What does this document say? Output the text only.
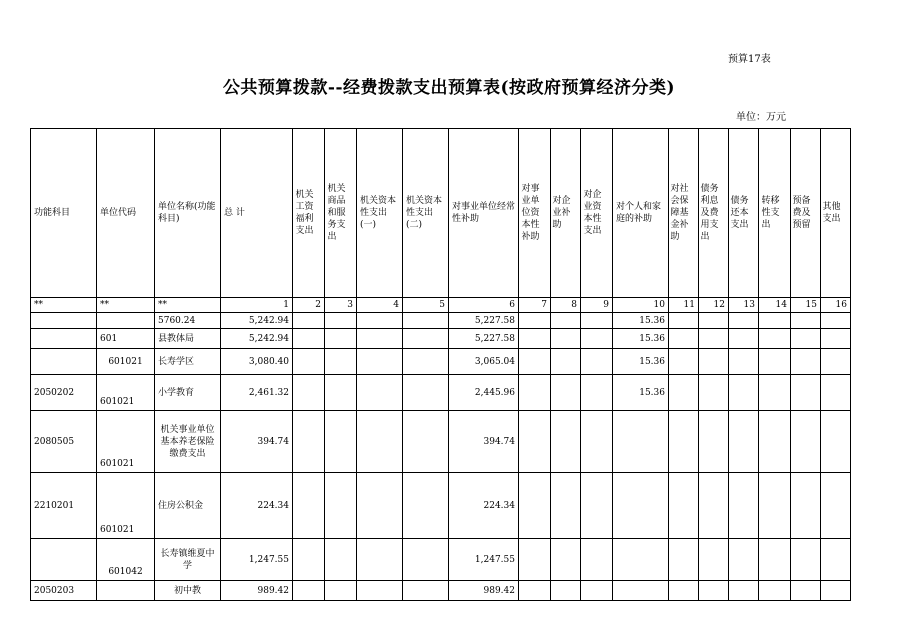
预算17表
公共预算拨款--经费拨款支出预算表(按政府预算经济分类)
单位：万元
功能科目	单位代码	单位名称(功能科目)	总 计	机关工资福利支出	机关商品和服务支出	机关资本性支出(一)	机关资本性支出(二)	对事业单位经常性补助	对事业单位资本性补助	对企业补助	对企业资本性支出	对个人和家庭的补助	对社会保障基金补助	债务利息及费用支出	债务还本支出	转移性支出	预备费及预留	其他支出
**	**	**	1	2	3	4	5	6	7	8	9	10	11	12	13	14	15	16
		5760.24	5,242.94					5,227.58				15.36						
	601	县教体局	5,242.94					5,227.58				15.36						
	601021	长寿学区	3,080.40					3,065.04				15.36						
2050202	601021	小学教育	2,461.32					2,445.96				15.36						
2080505	601021	机关事业单位基本养老保险缴费支出	394.74					394.74										
2210201	601021	住房公积金	224.34					224.34										
	601042	长寿镇维夏中学	1,247.55					1,247.55										
2050203		初中教	989.42					989.42										
